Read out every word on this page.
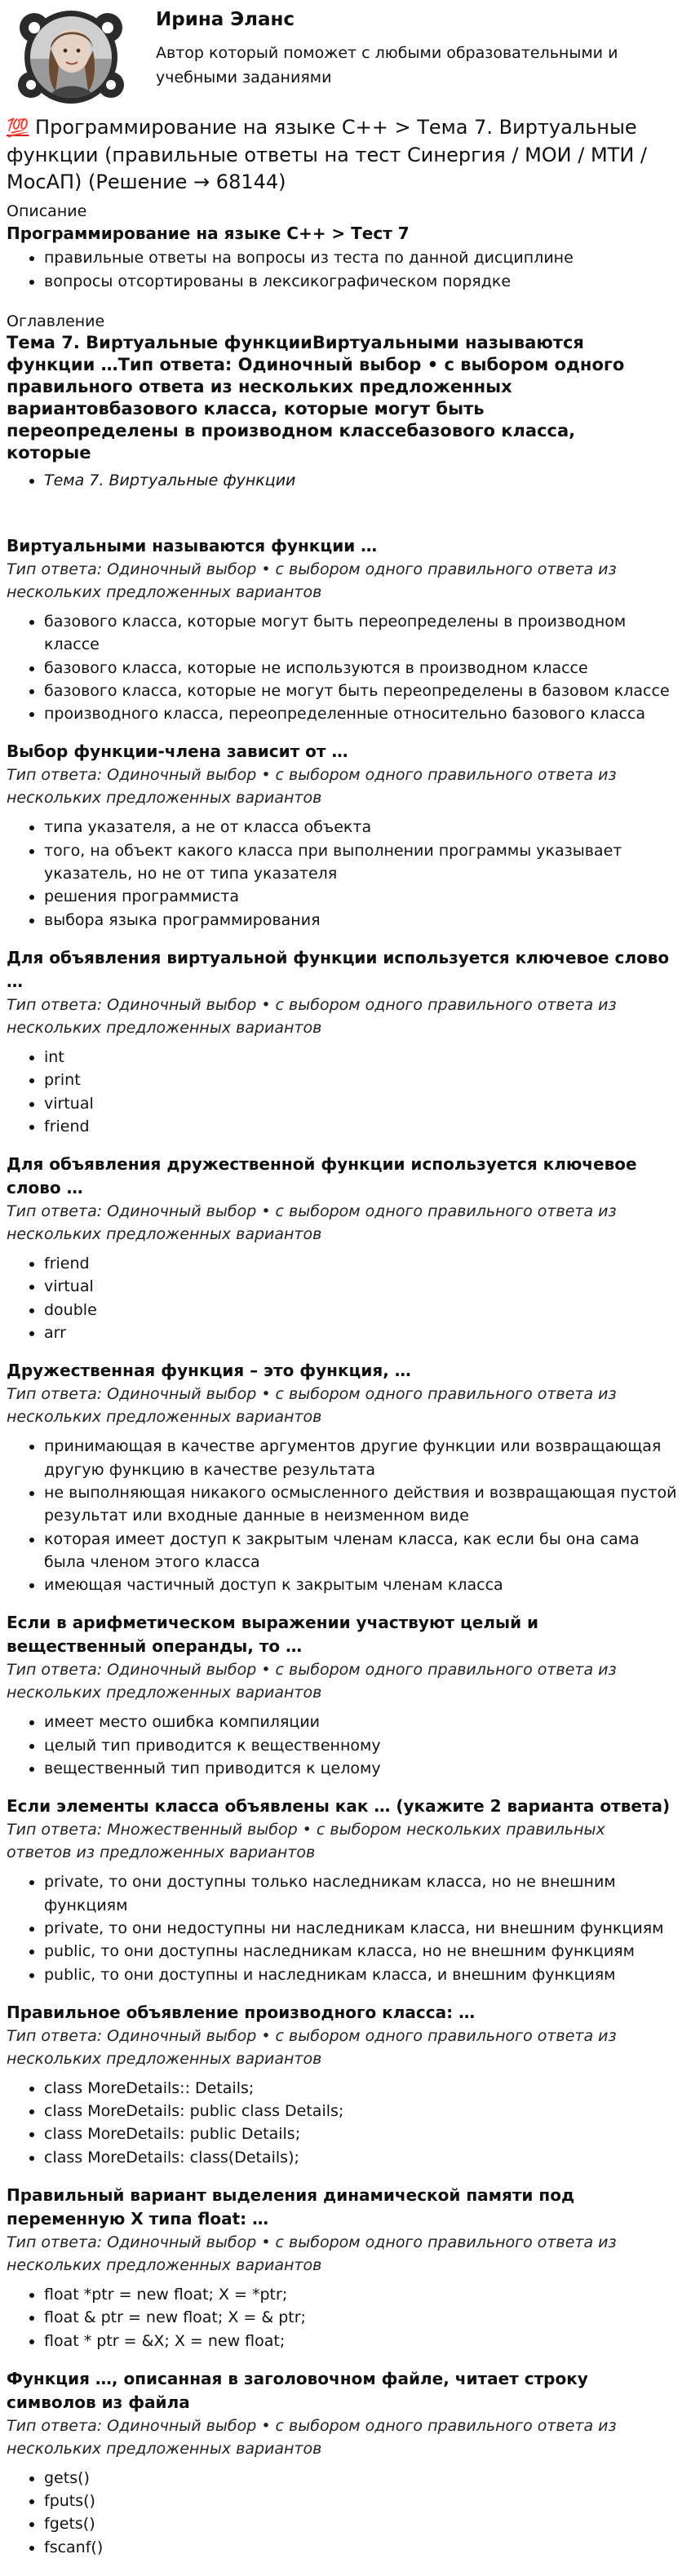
Ирина Эланс
Автор который поможет с любыми образовательными и учебными заданиями
💯 Программирование на языке С++ > Тема 7. Виртуальные функции (правильные ответы на тест Синергия / МОИ / МТИ / МосАП) (Решение → 68144)
Описание
Программирование на языке С++ > Тест 7
• правильные ответы на вопросы из теста по данной дисциплине
• вопросы отсортированы в лексикографическом порядке
Оглавление
Тема 7. Виртуальные функцииВиртуальными называются функции …Тип ответа: Одиночный выбор • с выбором одного правильного ответа из нескольких предложенных вариантовбазового класса, которые могут быть переопределены в производном классебазового класса, которые
• Тема 7. Виртуальные функции
Виртуальными называются функции …
Тип ответа: Одиночный выбор • с выбором одного правильного ответа из нескольких предложенных вариантов
• базового класса, которые могут быть переопределены в производном классе
• базового класса, которые не используются в производном классе
• базового класса, которые не могут быть переопределены в базовом классе
• производного класса, переопределенные относительно базового класса
Выбор функции-члена зависит от …
Тип ответа: Одиночный выбор • с выбором одного правильного ответа из нескольких предложенных вариантов
• типа указателя, а не от класса объекта
• того, на объект какого класса при выполнении программы указывает указатель, но не от типа указателя
• решения программиста
• выбора языка программирования
Для объявления виртуальной функции используется ключевое слово …
Тип ответа: Одиночный выбор • с выбором одного правильного ответа из нескольких предложенных вариантов
• int
• print
• virtual
• friend
Для объявления дружественной функции используется ключевое слово …
Тип ответа: Одиночный выбор • с выбором одного правильного ответа из нескольких предложенных вариантов
• friend
• virtual
• double
• arr
Дружественная функция – это функция, …
Тип ответа: Одиночный выбор • с выбором одного правильного ответа из нескольких предложенных вариантов
• принимающая в качестве аргументов другие функции или возвращающая другую функцию в качестве результата
• не выполняющая никакого осмысленного действия и возвращающая пустой результат или входные данные в неизменном виде
• которая имеет доступ к закрытым членам класса, как если бы она сама была членом этого класса
• имеющая частичный доступ к закрытым членам класса
Если в арифметическом выражении участвуют целый и вещественный операнды, то …
Тип ответа: Одиночный выбор • с выбором одного правильного ответа из нескольких предложенных вариантов
• имеет место ошибка компиляции
• целый тип приводится к вещественному
• вещественный тип приводится к целому
Если элементы класса объявлены как … (укажите 2 варианта ответа)
Тип ответа: Множественный выбор • с выбором нескольких правильных ответов из предложенных вариантов
• private, то они доступны только наследникам класса, но не внешним функциям
• private, то они недоступны ни наследникам класса, ни внешним функциям
• public, то они доступны наследникам класса, но не внешним функциям
• public, то они доступны и наследникам класса, и внешним функциям
Правильное объявление производного класса: …
Тип ответа: Одиночный выбор • с выбором одного правильного ответа из нескольких предложенных вариантов
• class MoreDetails:: Details;
• class MoreDetails: public class Details;
• class MoreDetails: public Details;
• class MoreDetails: class(Details);
Правильный вариант выделения динамической памяти под переменную X типа float: …
Тип ответа: Одиночный выбор • с выбором одного правильного ответа из нескольких предложенных вариантов
• float *ptr = new float; X = *ptr;
• float & ptr = new float; X = & ptr;
• float * ptr = &X; X = new float;
Функция …, описанная в заголовочном файле, читает строку символов из файла
Тип ответа: Одиночный выбор • с выбором одного правильного ответа из нескольких предложенных вариантов
• gets()
• fputs()
• fgets()
• fscanf()
